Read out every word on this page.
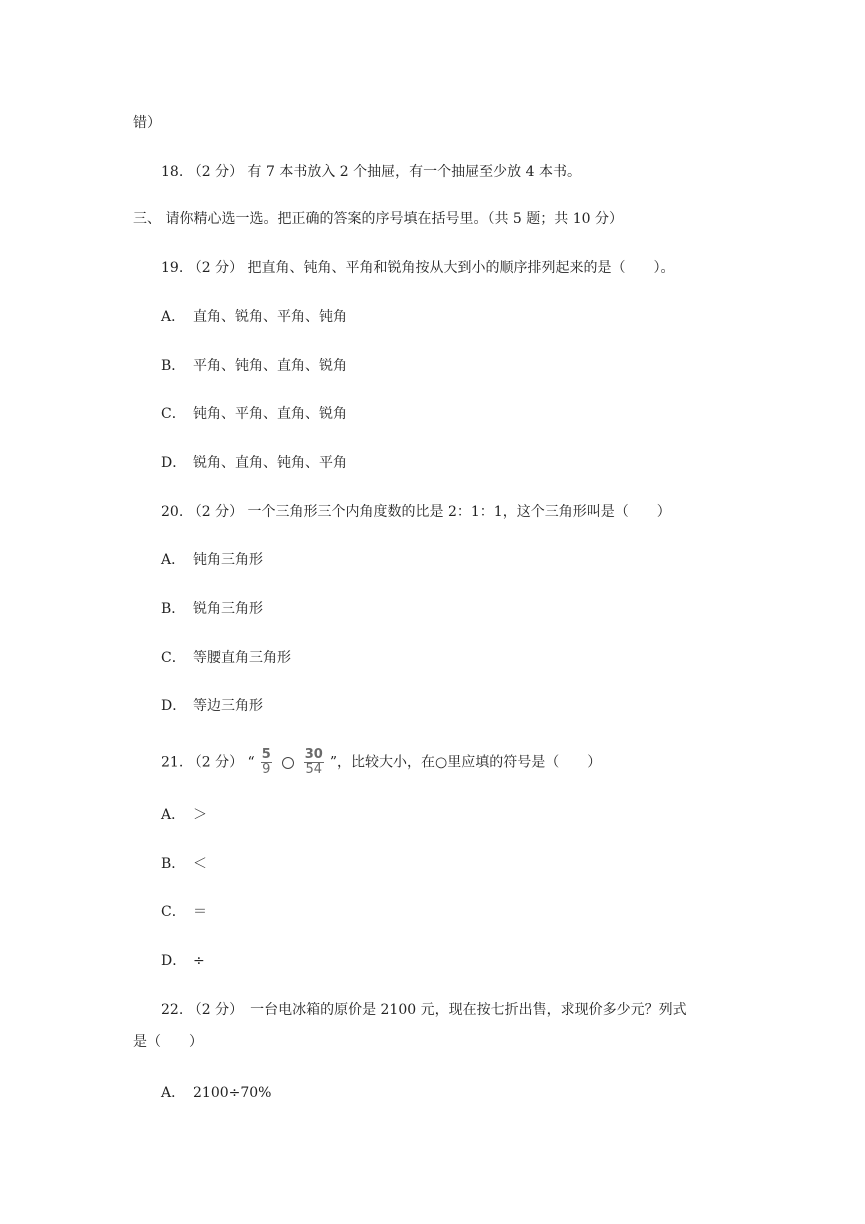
错）
18. （2 分） 有 7 本书放入 2 个抽屉，有一个抽屉至少放 4 本书。
三、 请你精心选一选。把正确的答案的序号填在括号里。（共 5 题；共 10 分）
19. （2 分） 把直角、钝角、平角和锐角按从大到小的顺序排列起来的是（　　）。
A． 直角、锐角、平角、钝角
B． 平角、钝角、直角、锐角
C． 钝角、平角、直角、锐角
D． 锐角、直角、钝角、平角
20. （2 分） 一个三角形三个内角度数的比是 2：1：1，这个三角形叫是（　　）
A． 钝角三角形
B． 锐角三角形
C． 等腰直角三角形
D． 等边三角形
21. （2 分） “ $\frac{5}{9} \frac{30}{54}$ ”，比较大小，在○里应填的符号是（　　）
A． ＞
B． ＜
C． ＝
D． ÷
22. （2 分）　一台电冰箱的原价是 2100 元，现在按七折出售，求现价多少元？列式
是（　　）
A． 2100÷70%
